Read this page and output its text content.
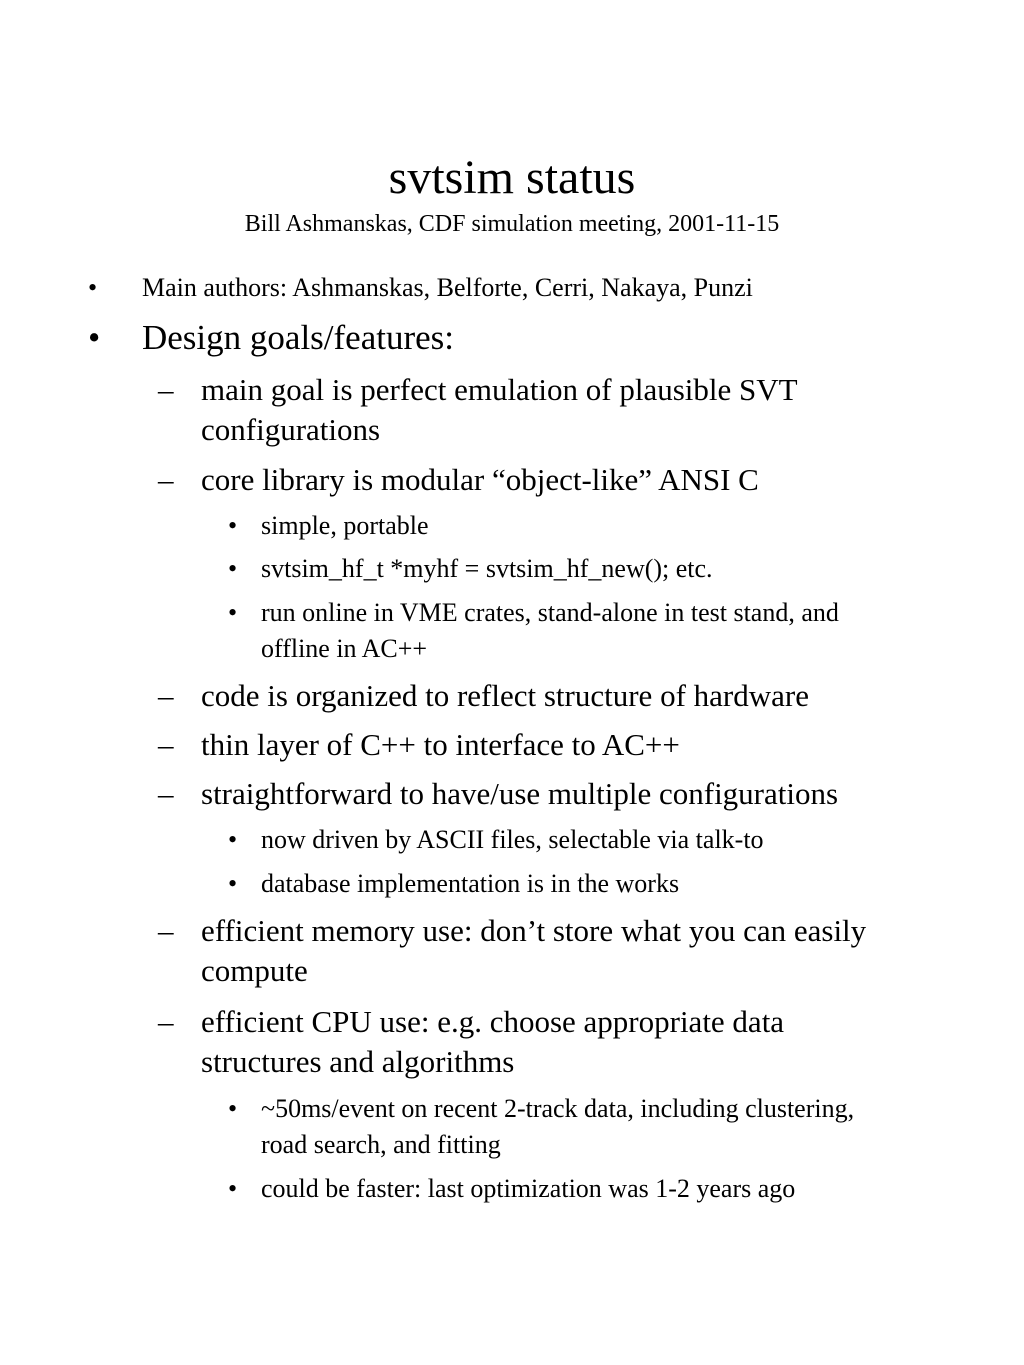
svtsim status
Bill Ashmanskas, CDF simulation meeting, 2001-11-15
• Main authors: Ashmanskas, Belforte, Cerri, Nakaya, Punzi
• Design goals/features:
– main goal is perfect emulation of plausible SVT configurations
– core library is modular “object-like” ANSI C
• simple, portable
• svtsim_hf_t *myhf = svtsim_hf_new(); etc.
• run online in VME crates, stand-alone in test stand, and offline in AC++
– code is organized to reflect structure of hardware
– thin layer of C++ to interface to AC++
– straightforward to have/use multiple configurations
• now driven by ASCII files, selectable via talk-to
• database implementation is in the works
– efficient memory use: don’t store what you can easily compute
– efficient CPU use: e.g. choose appropriate data structures and algorithms
• ~50ms/event on recent 2-track data, including clustering, road search, and fitting
• could be faster: last optimization was 1-2 years ago
